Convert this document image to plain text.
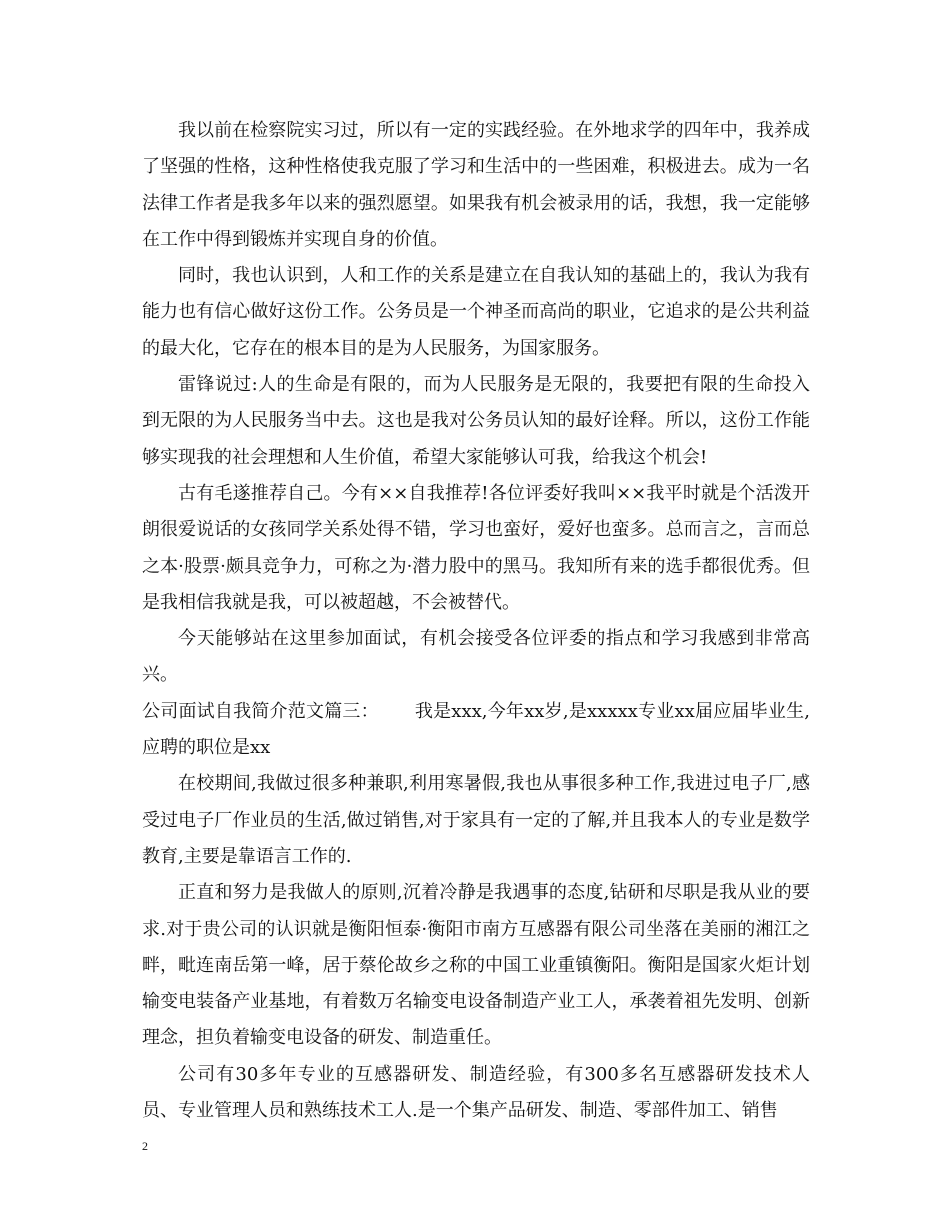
我以前在检察院实习过，所以有一定的实践经验。在外地求学的四年中，我养成了坚强的性格，这种性格使我克服了学习和生活中的一些困难，积极进去。成为一名法律工作者是我多年以来的强烈愿望。如果我有机会被录用的话，我想，我一定能够在工作中得到锻炼并实现自身的价值。

同时，我也认识到，人和工作的关系是建立在自我认知的基础上的，我认为我有能力也有信心做好这份工作。公务员是一个神圣而高尚的职业，它追求的是公共利益的最大化，它存在的根本目的是为人民服务，为国家服务。

雷锋说过:人的生命是有限的，而为人民服务是无限的，我要把有限的生命投入到无限的为人民服务当中去。这也是我对公务员认知的最好诠释。所以，这份工作能够实现我的社会理想和人生价值，希望大家能够认可我，给我这个机会!

古有毛遂推荐自己。今有××自我推荐!各位评委好我叫××我平时就是个活泼开朗很爱说话的女孩同学关系处得不错，学习也蛮好，爱好也蛮多。总而言之，言而总之本·股票·颇具竞争力，可称之为·潜力股中的黑马。我知所有来的选手都很优秀。但是我相信我就是我，可以被超越，不会被替代。

今天能够站在这里参加面试，有机会接受各位评委的指点和学习我感到非常高兴。

公司面试自我简介范文篇三： 我是xxx,今年xx岁,是xxxxx专业xx届应届毕业生,应聘的职位是xx

在校期间,我做过很多种兼职,利用寒暑假,我也从事很多种工作,我进过电子厂,感受过电子厂作业员的生活,做过销售,对于家具有一定的了解,并且我本人的专业是数学教育,主要是靠语言工作的.

正直和努力是我做人的原则,沉着冷静是我遇事的态度,钻研和尽职是我从业的要求.对于贵公司的认识就是衡阳恒泰·衡阳市南方互感器有限公司坐落在美丽的湘江之畔，毗连南岳第一峰，居于蔡伦故乡之称的中国工业重镇衡阳。衡阳是国家火炬计划输变电装备产业基地，有着数万名输变电设备制造产业工人，承袭着祖先发明、创新理念，担负着输变电设备的研发、制造重任。

公司有30多年专业的互感器研发、制造经验，有300多名互感器研发技术人员、专业管理人员和熟练技术工人.是一个集产品研发、制造、零部件加工、销售

2
